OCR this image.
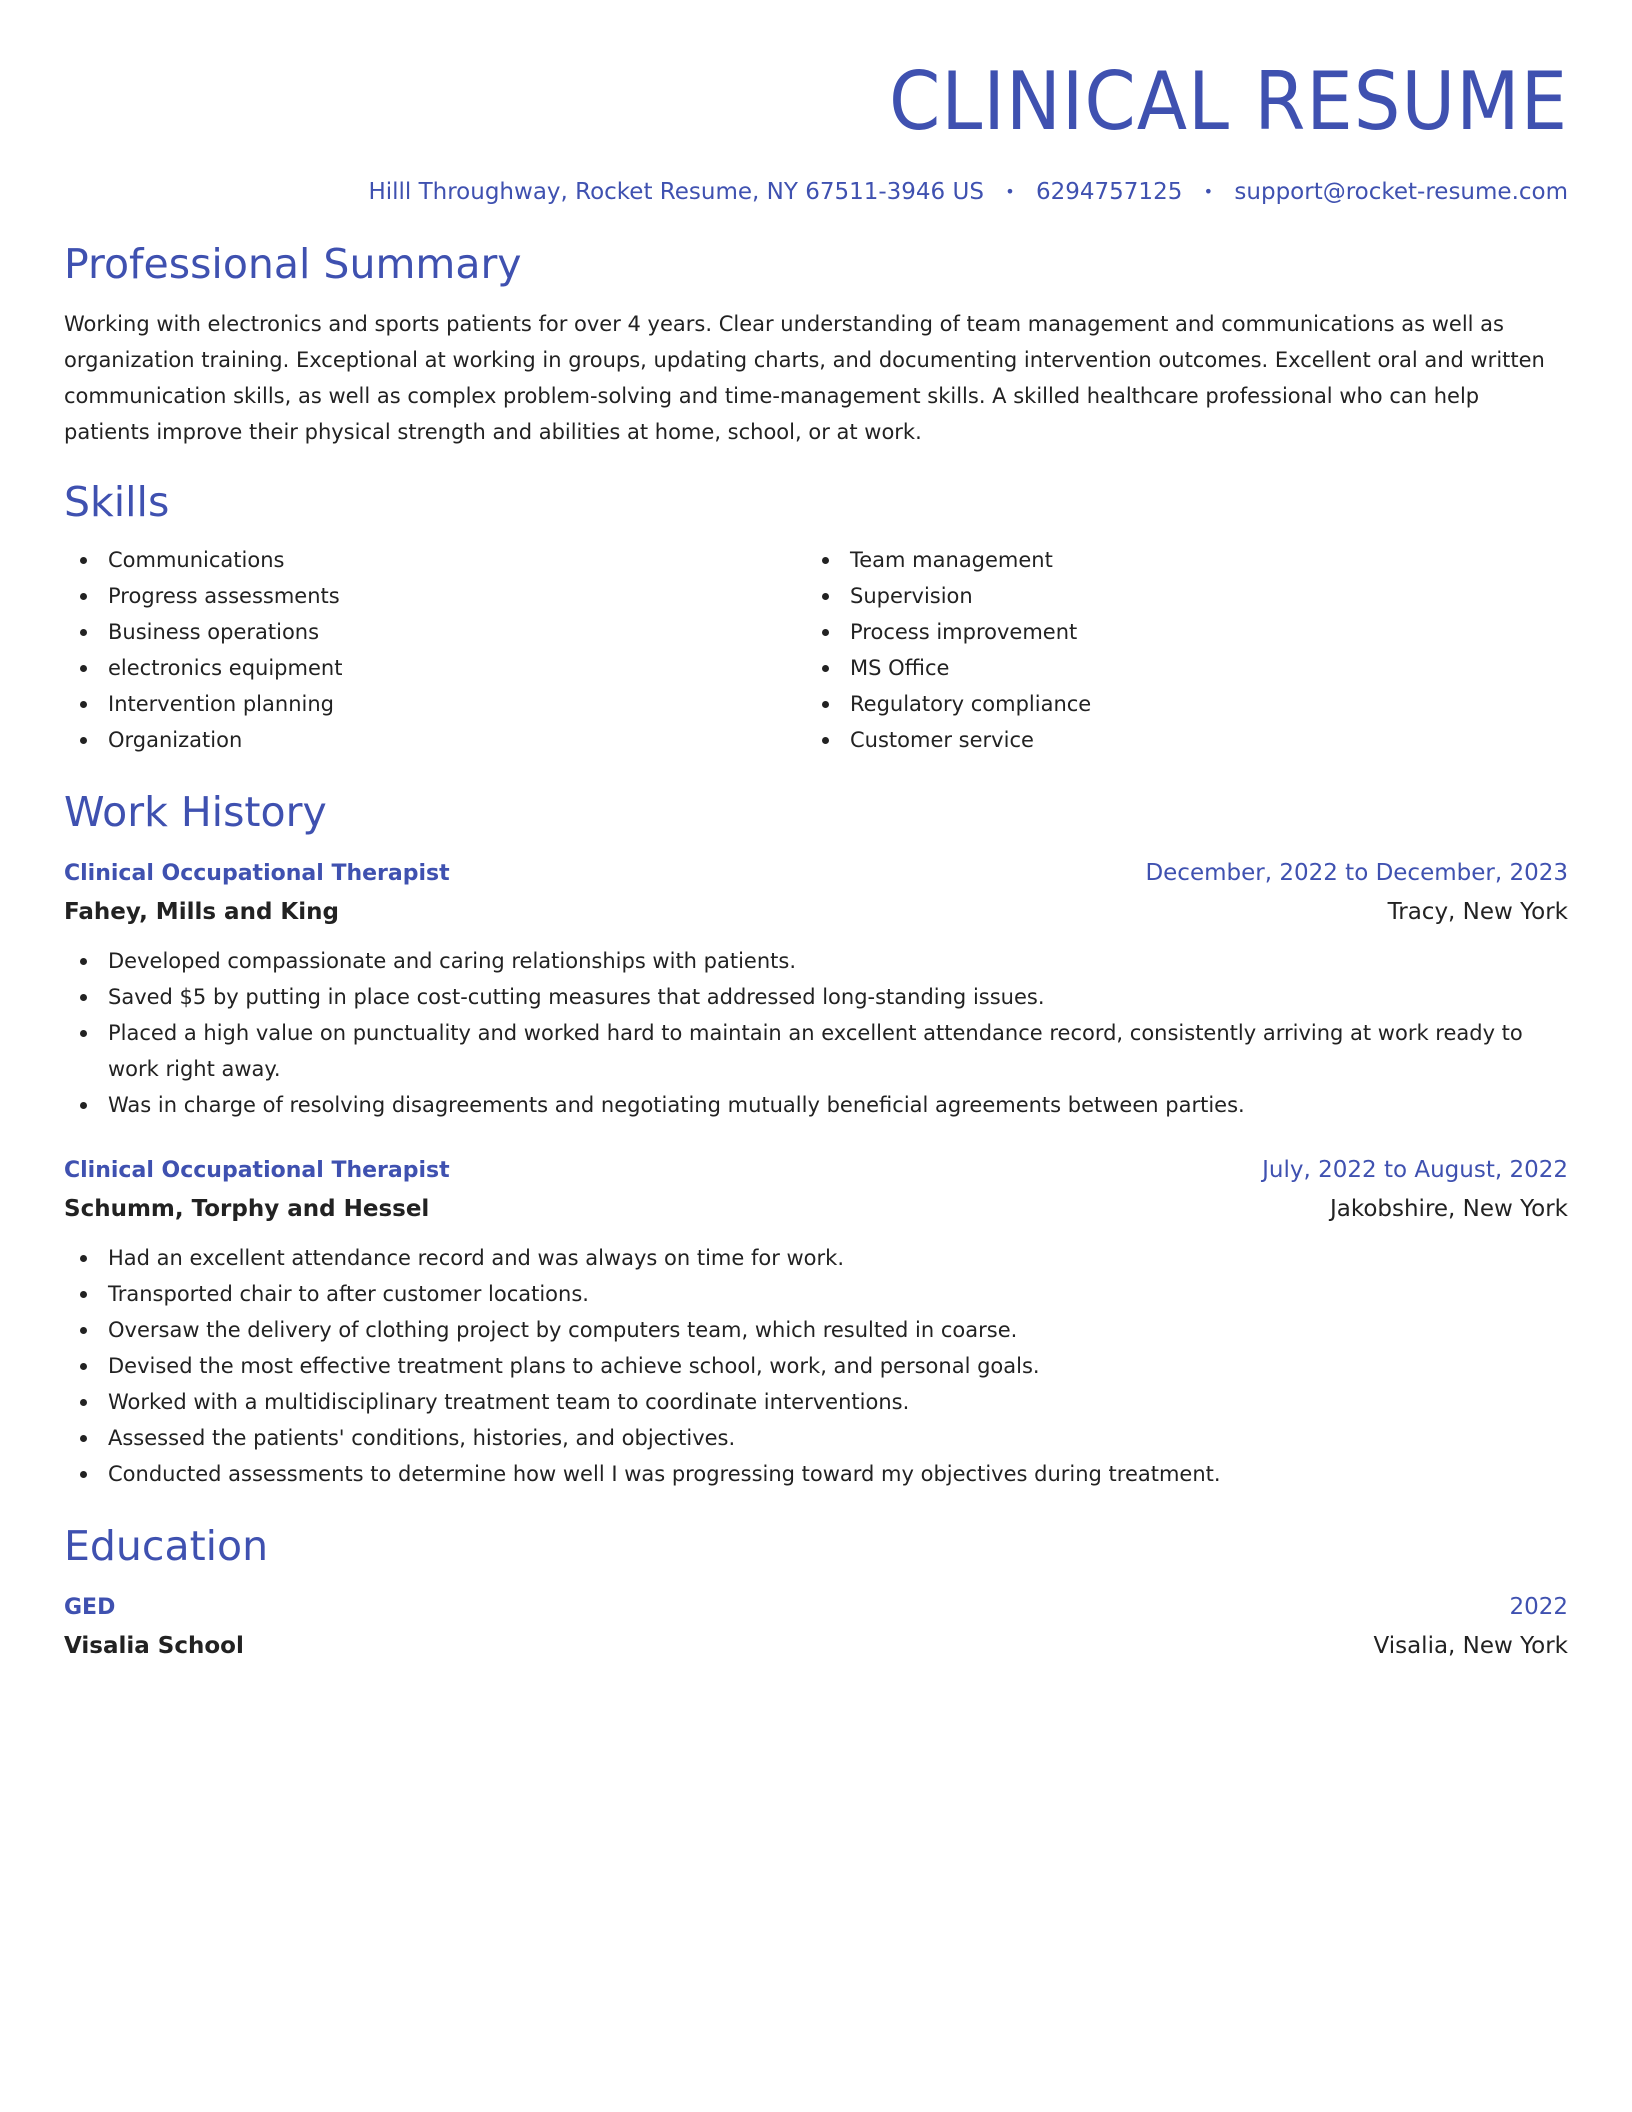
CLINICAL RESUME
Hilll Throughway, Rocket Resume, NY 67511-3946 US • 6294757125 • support@rocket-resume.com
Professional Summary

Working with electronics and sports patients for over 4 years. Clear understanding of team management and communications as well as organization training. Exceptional at working in groups, updating charts, and documenting intervention outcomes. Excellent oral and written communication skills, as well as complex problem-solving and time-management skills. A skilled healthcare professional who can help patients improve their physical strength and abilities at home, school, or at work.

Skills
Communications
Progress assessments
Business operations
electronics equipment
Intervention planning
Organization
Team management
Supervision
Process improvement
MS Office
Regulatory compliance
Customer service
Work History
Clinical Occupational Therapist	December, 2022 to December, 2023
Fahey, Mills and King	Tracy, New York
Developed compassionate and caring relationships with patients.
Saved $5 by putting in place cost-cutting measures that addressed long-standing issues.
Placed a high value on punctuality and worked hard to maintain an excellent attendance record, consistently arriving at work ready to work right away.
Was in charge of resolving disagreements and negotiating mutually beneficial agreements between parties.
Clinical Occupational Therapist	July, 2022 to August, 2022
Schumm, Torphy and Hessel	Jakobshire, New York
Had an excellent attendance record and was always on time for work.
Transported chair to after customer locations.
Oversaw the delivery of clothing project by computers team, which resulted in coarse.
Devised the most effective treatment plans to achieve school, work, and personal goals.
Worked with a multidisciplinary treatment team to coordinate interventions.
Assessed the patients' conditions, histories, and objectives.
Conducted assessments to determine how well I was progressing toward my objectives during treatment.
Education
GED	2022
Visalia School	Visalia, New York
